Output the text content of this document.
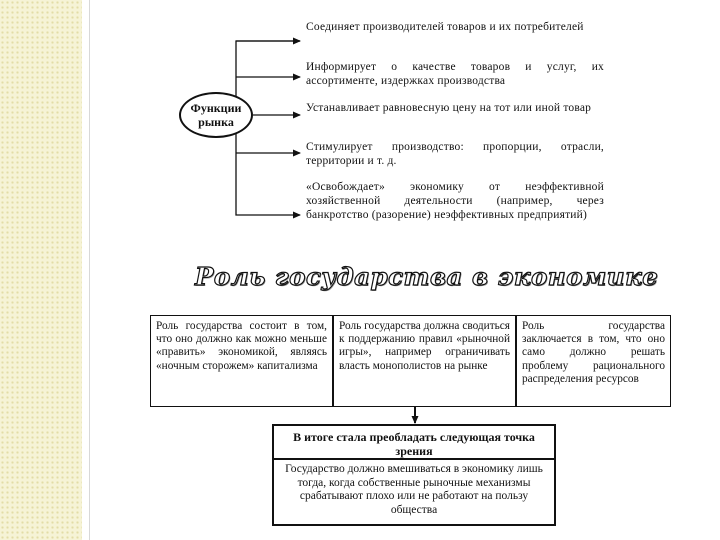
Функции
рынка
Соединяет производителей товаров и их потребителей
Информирует о качестве товаров и услуг, их ассортименте, издержках производства
Устанавливает равновесную цену на тот или иной товар
Стимулирует производство: пропорции, отрасли, территории и т. д.
«Освобождает» экономику от неэффективной хозяйственной деятельности (например, через банкротство (разорение) неэффективных предприятий)
Роль государства в экономике
Роль государства состоит в том, что оно должно как можно меньше «править» экономикой, являясь «ночным сторожем» капитализма
Роль государства должна сводиться к поддержанию правил «рыночной игры», например ограничивать власть монополистов на рынке
Роль государства заключается в том, что оно само должно решать проблему рационального распределения ресурсов
В итоге стала преобладать следующая точка зрения
Государство должно вмешиваться в экономику лишь тогда, когда собственные рыночные механизмы срабатывают плохо или не работают на пользу общества
